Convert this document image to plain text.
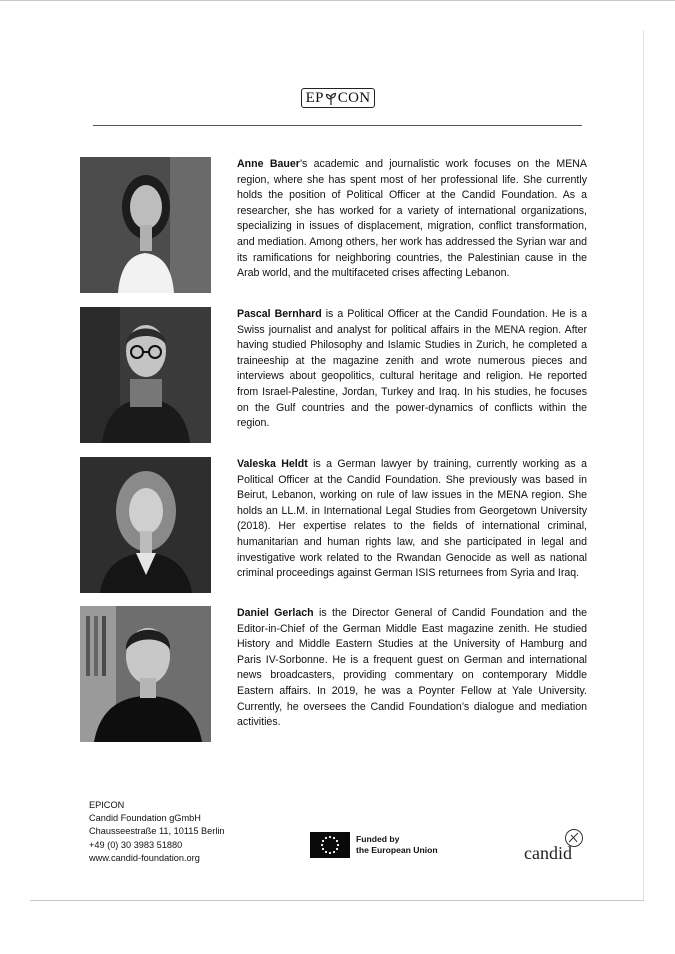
EP CON
Anne Bauer’s academic and journalistic work focuses on the MENA region, where she has spent most of her professional life. She currently holds the position of Political Officer at the Candid Foundation. As a researcher, she has worked for a variety of international organizations, specializing in issues of displacement, migration, conflict transformation, and mediation. Among others, her work has addressed the Syrian war and its ramifications for neighboring countries, the Palestinian cause in the Arab world, and the multifaceted crises affecting Lebanon.
Pascal Bernhard is a Political Officer at the Candid Foundation. He is a Swiss journalist and analyst for political affairs in the MENA region. After having studied Philosophy and Islamic Studies in Zurich, he completed a traineeship at the magazine zenith and wrote numerous pieces and interviews about geopolitics, cultural heritage and religion. He reported from Israel-Palestine, Jordan, Turkey and Iraq. In his studies, he focuses on the Gulf countries and the power-dynamics of conflicts within the region.
Valeska Heldt is a German lawyer by training, currently working as a Political Officer at the Candid Foundation. She previously was based in Beirut, Lebanon, working on rule of law issues in the MENA region. She holds an LL.M. in International Legal Studies from Georgetown University (2018). Her expertise relates to the fields of international criminal, humanitarian and human rights law, and she participated in legal and investigative work related to the Rwandan Genocide as well as national criminal proceedings against German ISIS returnees from Syria and Iraq.
Daniel Gerlach is the Director General of Candid Foundation and the Editor-in-Chief of the German Middle East magazine zenith. He studied History and Middle Eastern Studies at the University of Hamburg and Paris IV-Sorbonne. He is a frequent guest on German and international news broadcasters, providing commentary on contemporary Middle Eastern affairs. In 2019, he was a Poynter Fellow at Yale University. Currently, he oversees the Candid Foundation’s dialogue and mediation activities.
EPICON
Candid Foundation gGmbH
Chausseestraße 11, 10115 Berlin
+49 (0) 30 3983 51880
www.candid-foundation.org
Funded by
the European Union	candid
